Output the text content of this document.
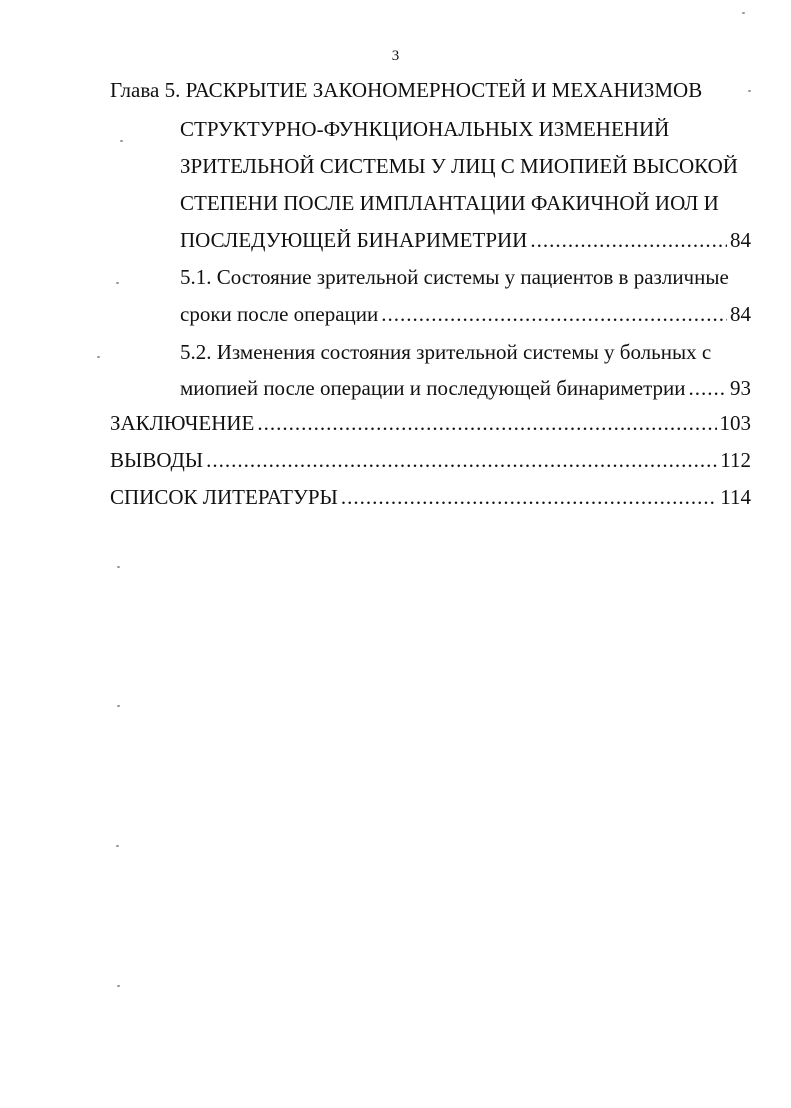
3
Глава 5. РАСКРЫТИЕ ЗАКОНОМЕРНОСТЕЙ И МЕХАНИЗМОВ
СТРУКТУРНО-ФУНКЦИОНАЛЬНЫХ ИЗМЕНЕНИЙ
ЗРИТЕЛЬНОЙ СИСТЕМЫ У ЛИЦ С МИОПИЕЙ ВЫСОКОЙ
СТЕПЕНИ ПОСЛЕ ИМПЛАНТАЦИИ ФАКИЧНОЙ ИОЛ И
ПОСЛЕДУЮЩЕЙ БИНАРИМЕТРИИ .....	84
5.1. Состояние зрительной системы у пациентов в различные
сроки после операции .....	84
5.2. Изменения состояния зрительной системы у больных с
миопией после операции и последующей бинариметрии ..... 93
ЗАКЛЮЧЕНИЕ .....	103
ВЫВОДЫ .....	112
СПИСОК ЛИТЕРАТУРЫ .....	114
